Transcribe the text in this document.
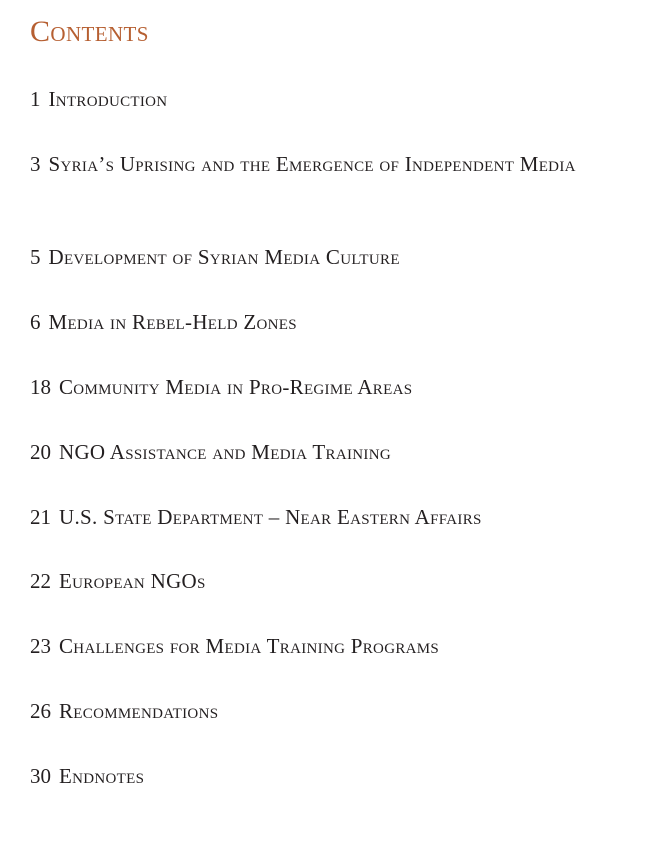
Contents
1 Introduction
3 Syria’s Uprising and the Emergence of Independent Media
5 Development of Syrian Media Culture
6 Media in Rebel-Held Zones
18 Community Media in Pro-Regime Areas
20 NGO Assistance and Media Training
21 U.S. State Department – Near Eastern Affairs
22 European NGOs
23 Challenges for Media Training Programs
26 Recommendations
30 Endnotes
